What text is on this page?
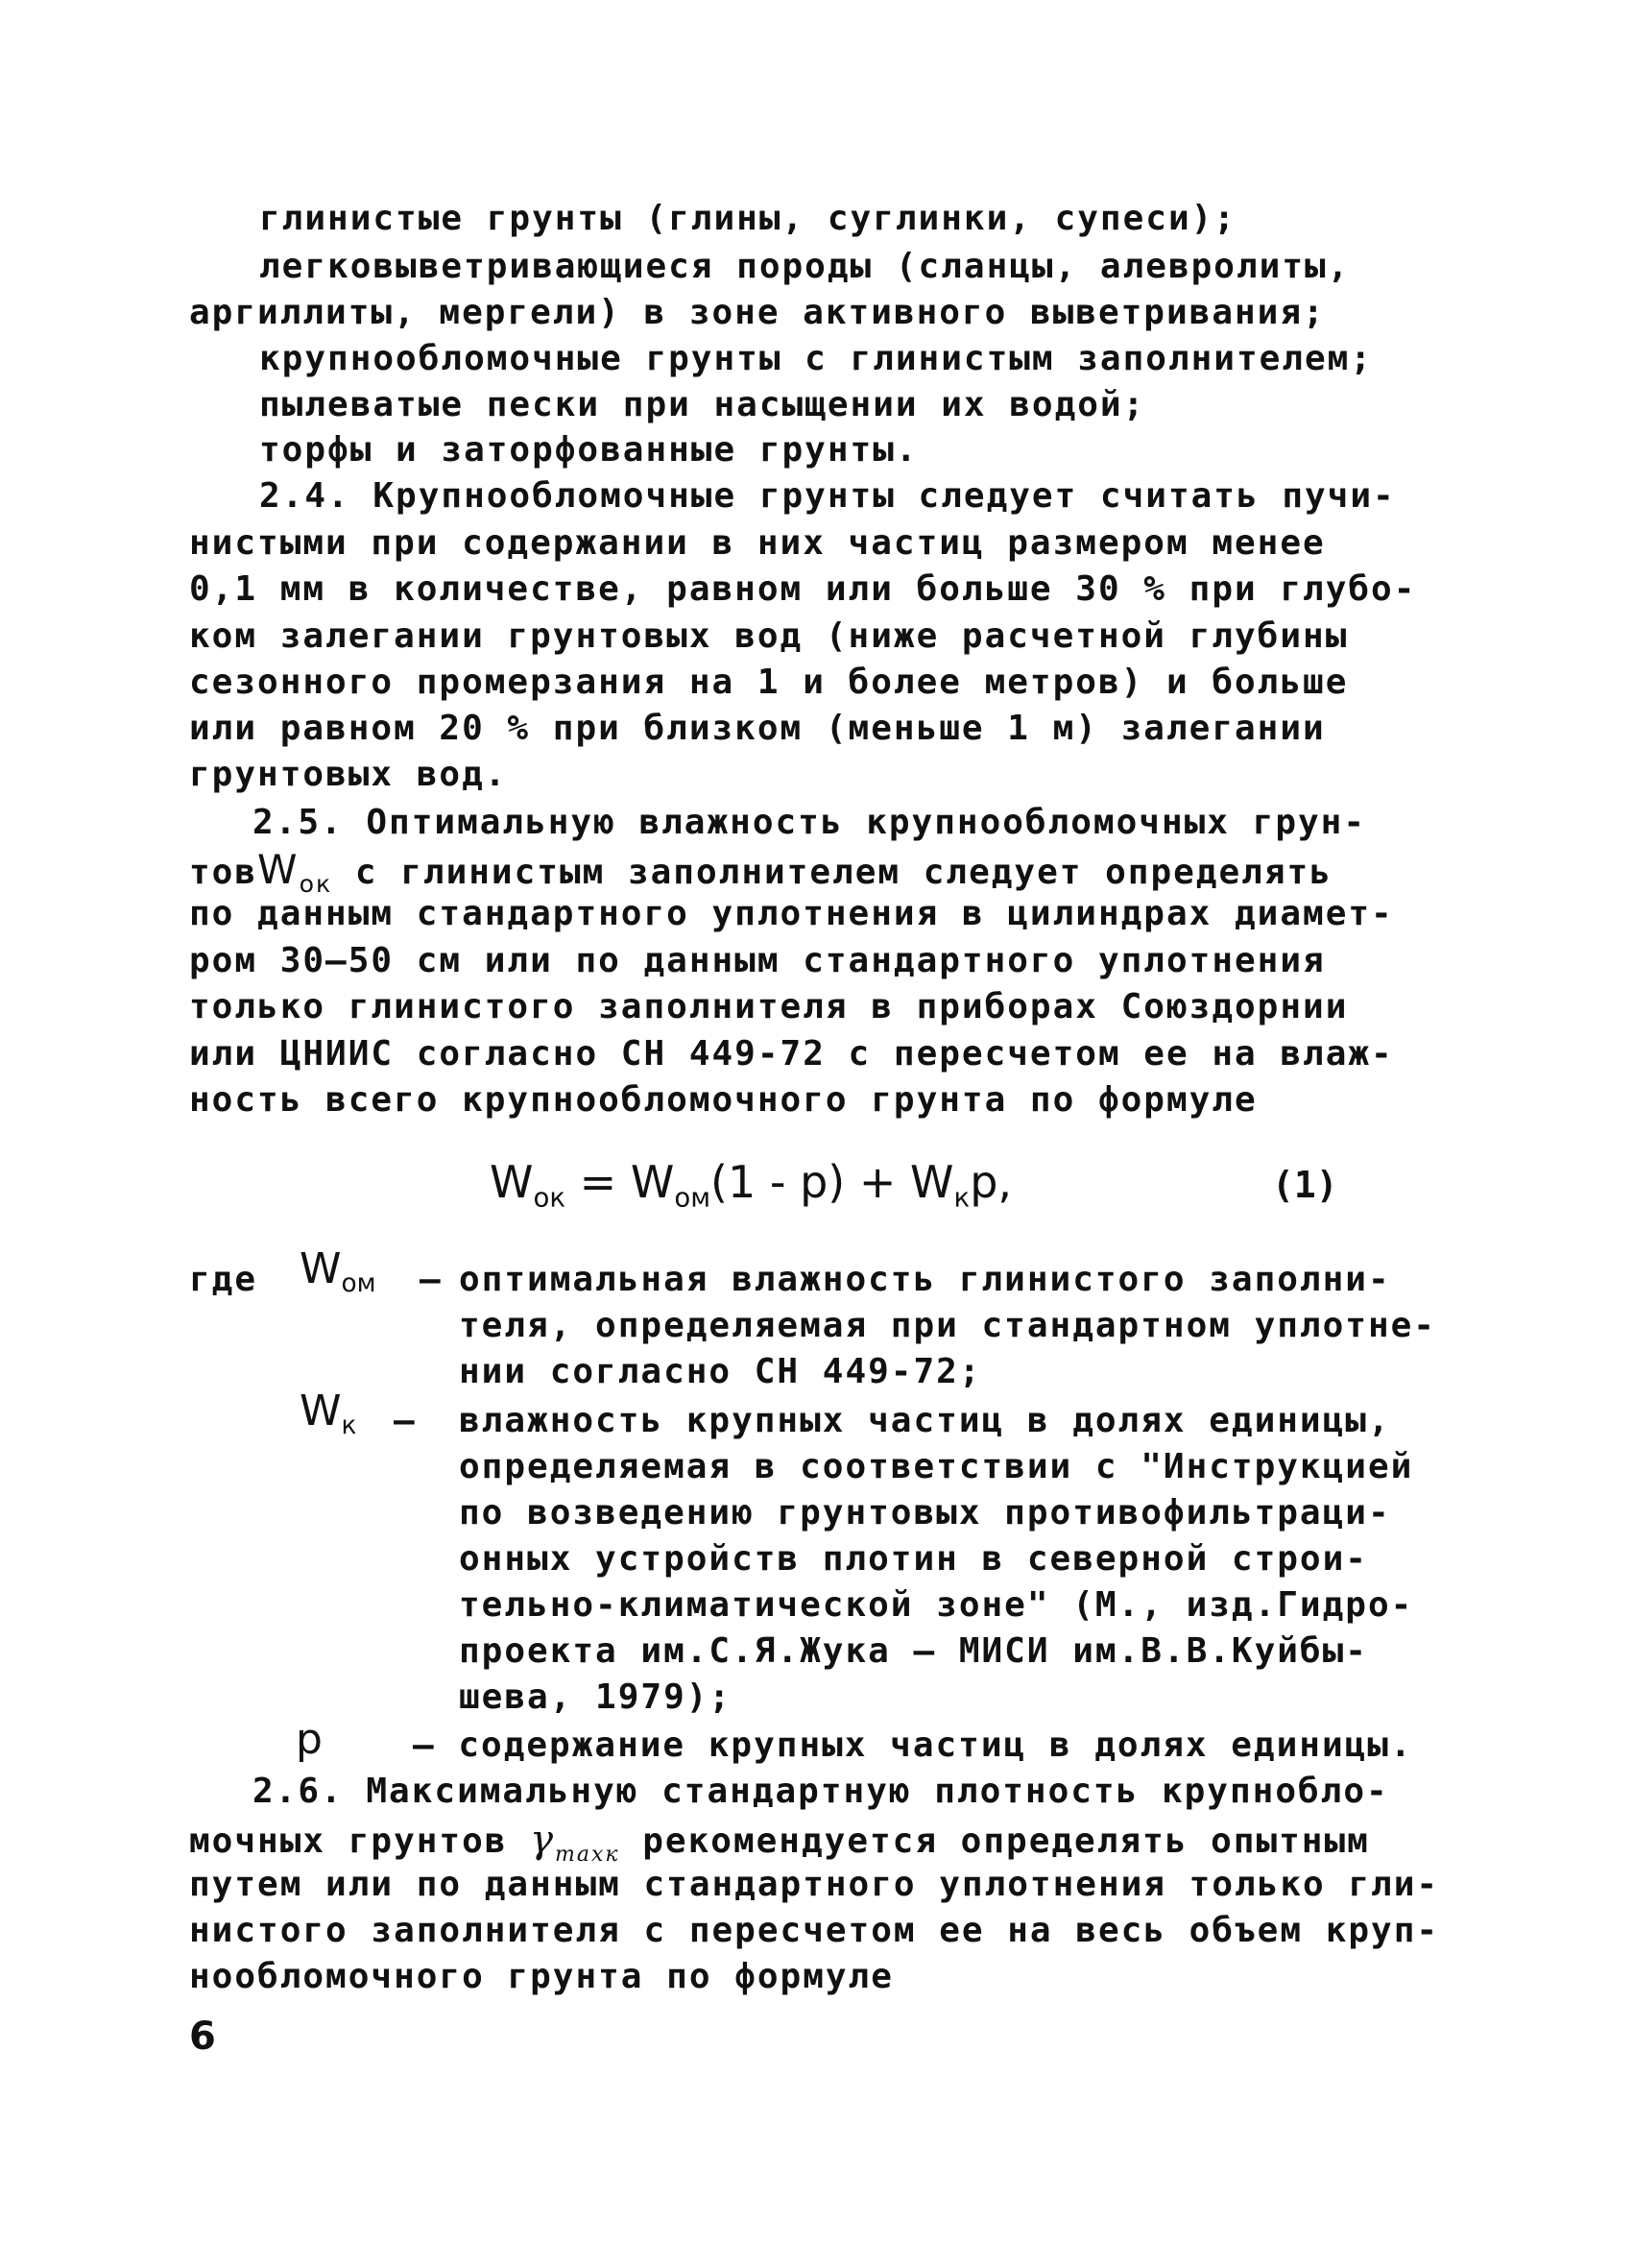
глинистые грунты (глины, суглинки, супеси);
легковыветривающиеся породы (сланцы, алевролиты,
аргиллиты, мергели) в зоне активного выветривания;
крупнообломочные грунты с глинистым заполнителем;
пылеватые пески при насыщении их водой;
торфы и заторфованные грунты.
2.4. Крупнообломочные грунты следует считать пучи-
нистыми при содержании в них частиц размером менее
0,1 мм в количестве, равном или больше 30 % при глубо-
ком залегании грунтовых вод (ниже расчетной глубины
сезонного промерзания на 1 и более метров) и больше
или равном 20 % при близком (меньше 1 м) залегании
грунтовых вод.
2.5. Оптимальную влажность крупнообломочных грун-
товW$_{ок}$ с глинистым заполнителем следует определять
по данным стандартного уплотнения в цилиндрах диамет-
ром 30–50 см или по данным стандартного уплотнения
только глинистого заполнителя в приборах Союздорнии
или ЦНИИС согласно СН 449-72 с пересчетом ее на влаж-
ность всего крупнообломочного грунта по формуле
$W_{ок} = W_{ом}(1 - p) + W_кp$,	(1)
где $W_{ом}$ – оптимальная влажность глинистого заполни-
теля, определяемая при стандартном уплотне-
нии согласно СН 449-72;
$W_к$ – влажность крупных частиц в долях единицы,
определяемая в соответствии с "Инструкцией
по возведению грунтовых противофильтраци-
онных устройств плотин в северной строи-
тельно-климатической зоне" (М., изд.Гидро-
проекта им.С.Я.Жука – МИСИ им.В.В.Куйбы-
шева, 1979);
p	– содержание крупных частиц в долях единицы.
2.6. Максимальную стандартную плотность крупнобло-
мочных грунтов $\gamma_{maxк}$ рекомендуется определять опытным
путем или по данным стандартного уплотнения только гли-
нистого заполнителя с пересчетом ее на весь объем круп-
нообломочного грунта по формуле
6
